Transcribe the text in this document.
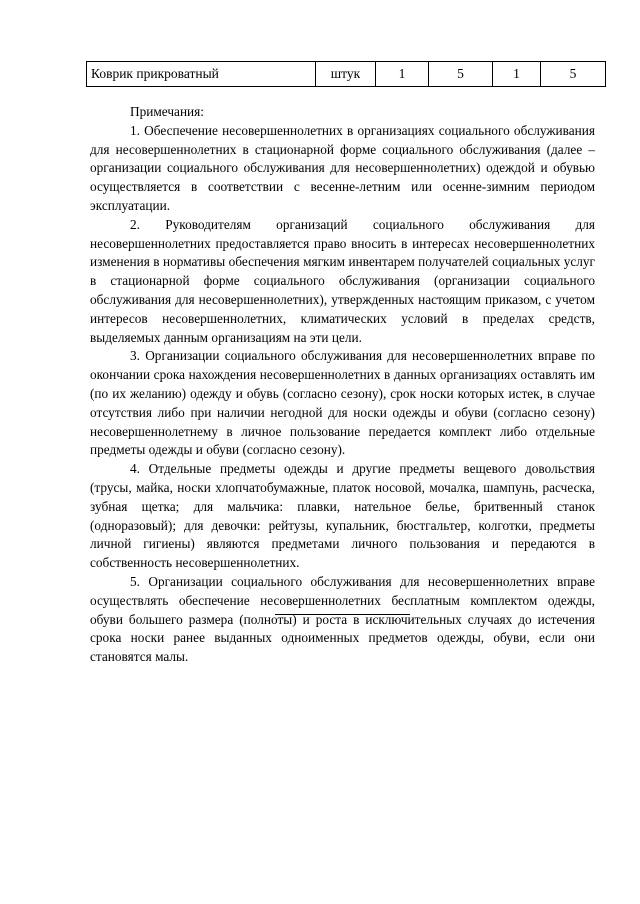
Коврик прикроватный	штук	1	5	1	5

Примечания:

1. Обеспечение несовершеннолетних в организациях социального обслуживания для несовершеннолетних в стационарной форме социального обслуживания (далее – организации социального обслуживания для несовершеннолетних) одеждой и обувью осуществляется в соответствии с весенне-летним или осенне-зимним периодом эксплуатации.

2. Руководителям организаций социального обслуживания для несовершеннолетних предоставляется право вносить в интересах несовершеннолетних изменения в нормативы обеспечения мягким инвентарем получателей социальных услуг в стационарной форме социального обслуживания (организации социального обслуживания для несовершеннолетних), утвержденных настоящим приказом, с учетом интересов несовершеннолетних, климатических условий в пределах средств, выделяемых данным организациям на эти цели.

3. Организации социального обслуживания для несовершеннолетних вправе по окончании срока нахождения несовершеннолетних в данных организациях оставлять им (по их желанию) одежду и обувь (согласно сезону), срок носки которых истек, в случае отсутствия либо при наличии негодной для носки одежды и обуви (согласно сезону) несовершеннолетнему в личное пользование передается комплект либо отдельные предметы одежды и обуви (согласно сезону).

4. Отдельные предметы одежды и другие предметы вещевого довольствия (трусы, майка, носки хлопчатобумажные, платок носовой, мочалка, шампунь, расческа, зубная щетка; для мальчика: плавки, нательное белье, бритвенный станок (одноразовый); для девочки: рейтузы, купальник, бюстгальтер, колготки, предметы личной гигиены) являются предметами личного пользования и передаются в собственность несовершеннолетних.

5. Организации социального обслуживания для несовершеннолетних вправе осуществлять обеспечение несовершеннолетних бесплатным комплектом одежды, обуви большего размера (полноты) и роста в исключительных случаях до истечения срока носки ранее выданных одноименных предметов одежды, обуви, если они становятся малы.
